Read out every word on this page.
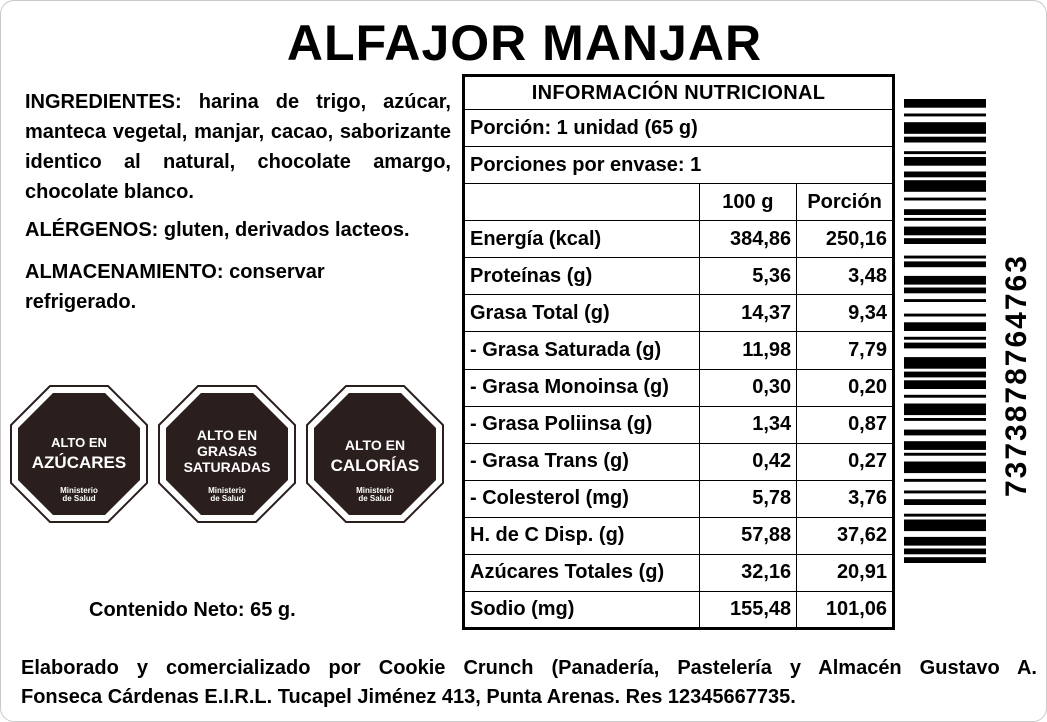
ALFAJOR MANJAR
INGREDIENTES: harina de trigo, azúcar, manteca vegetal, manjar, cacao, saborizante identico al natural, chocolate amargo, chocolate blanco.
ALÉRGENOS: gluten, derivados lacteos.
ALMACENAMIENTO: conservar refrigerado.
ALTO EN
AZÚCARES
Ministerio
de Salud
ALTO EN
GRASAS
SATURADAS
Ministerio
de Salud
ALTO EN
CALORÍAS
Ministerio
de Salud
Contenido Neto: 65 g.
INFORMACIÓN NUTRICIONAL		
Porción: 1 unidad (65 g)		
Porciones por envase: 1		
	100 g	Porción
Energía (kcal)	384,86	250,16
Proteínas (g)	5,36	3,48
Grasa Total (g)	14,37	9,34
- Grasa Saturada (g)	11,98	7,79
- Grasa Monoinsa (g)	0,30	0,20
- Grasa Poliinsa (g)	1,34	0,87
- Grasa Trans (g)	0,42	0,27
- Colesterol (mg)	5,78	3,76
H. de C Disp. (g)	57,88	37,62
Azúcares Totales (g)	32,16	20,91
Sodio (mg)	155,48	101,06
7373878764763
Elaborado y comercializado por Cookie Crunch (Panadería, Pastelería y Almacén Gustavo A.
Fonseca Cárdenas E.I.R.L. Tucapel Jiménez 413, Punta Arenas. Res 12345667735.
